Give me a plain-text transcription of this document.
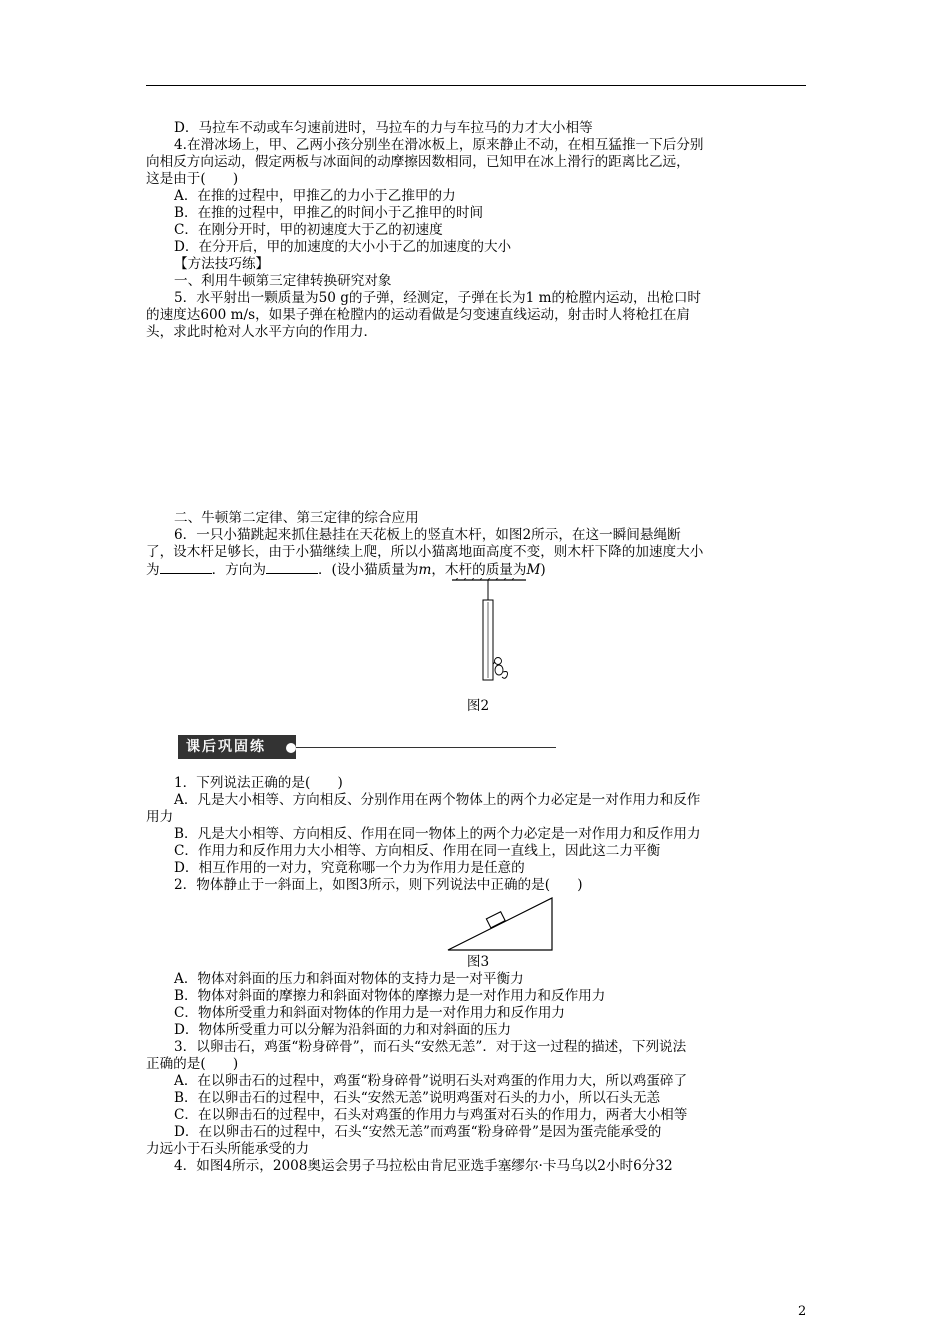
D．马拉车不动或车匀速前进时，马拉车的力与车拉马的力才大小相等
4.在滑冰场上，甲、乙两小孩分别坐在滑冰板上，原来静止不动，在相互猛推一下后分别
向相反方向运动，假定两板与冰面间的动摩擦因数相同，已知甲在冰上滑行的距离比乙远，
这是由于(　　)
A．在推的过程中，甲推乙的力小于乙推甲的力
B．在推的过程中，甲推乙的时间小于乙推甲的时间
C．在刚分开时，甲的初速度大于乙的初速度
D．在分开后，甲的加速度的大小小于乙的加速度的大小
【方法技巧练】
一、利用牛顿第三定律转换研究对象
5．水平射出一颗质量为50 g的子弹，经测定，子弹在长为1 m的枪膛内运动，出枪口时
的速度达600 m/s，如果子弹在枪膛内的运动看做是匀变速直线运动，射击时人将枪扛在肩
头，求此时枪对人水平方向的作用力．
二、牛顿第二定律、第三定律的综合应用
6．一只小猫跳起来抓住悬挂在天花板上的竖直木杆，如图2所示，在这一瞬间悬绳断
了，设木杆足够长，由于小猫继续上爬，所以小猫离地面高度不变，则木杆下降的加速度大小
为	．方向为	．(设小猫质量为m，木杆的质量为M)
图2
课后巩固练
1．下列说法正确的是(　　)
A．凡是大小相等、方向相反、分别作用在两个物体上的两个力必定是一对作用力和反作
用力
B．凡是大小相等、方向相反、作用在同一物体上的两个力必定是一对作用力和反作用力
C．作用力和反作用力大小相等、方向相反、作用在同一直线上，因此这二力平衡
D．相互作用的一对力，究竟称哪一个力为作用力是任意的
2．物体静止于一斜面上，如图3所示，则下列说法中正确的是(　　)
图3
A．物体对斜面的压力和斜面对物体的支持力是一对平衡力
B．物体对斜面的摩擦力和斜面对物体的摩擦力是一对作用力和反作用力
C．物体所受重力和斜面对物体的作用力是一对作用力和反作用力
D．物体所受重力可以分解为沿斜面的力和对斜面的压力
3．以卵击石，鸡蛋“粉身碎骨”，而石头“安然无恙”．对于这一过程的描述，下列说法
正确的是(　　)
A．在以卵击石的过程中，鸡蛋“粉身碎骨”说明石头对鸡蛋的作用力大，所以鸡蛋碎了
B．在以卵击石的过程中，石头“安然无恙”说明鸡蛋对石头的力小，所以石头无恙
C．在以卵击石的过程中，石头对鸡蛋的作用力与鸡蛋对石头的作用力，两者大小相等
D．在以卵击石的过程中，石头“安然无恙”而鸡蛋“粉身碎骨”是因为蛋壳能承受的
力远小于石头所能承受的力
4．如图4所示，2008奥运会男子马拉松由肯尼亚选手塞缪尔·卡马乌以2小时6分32
2
